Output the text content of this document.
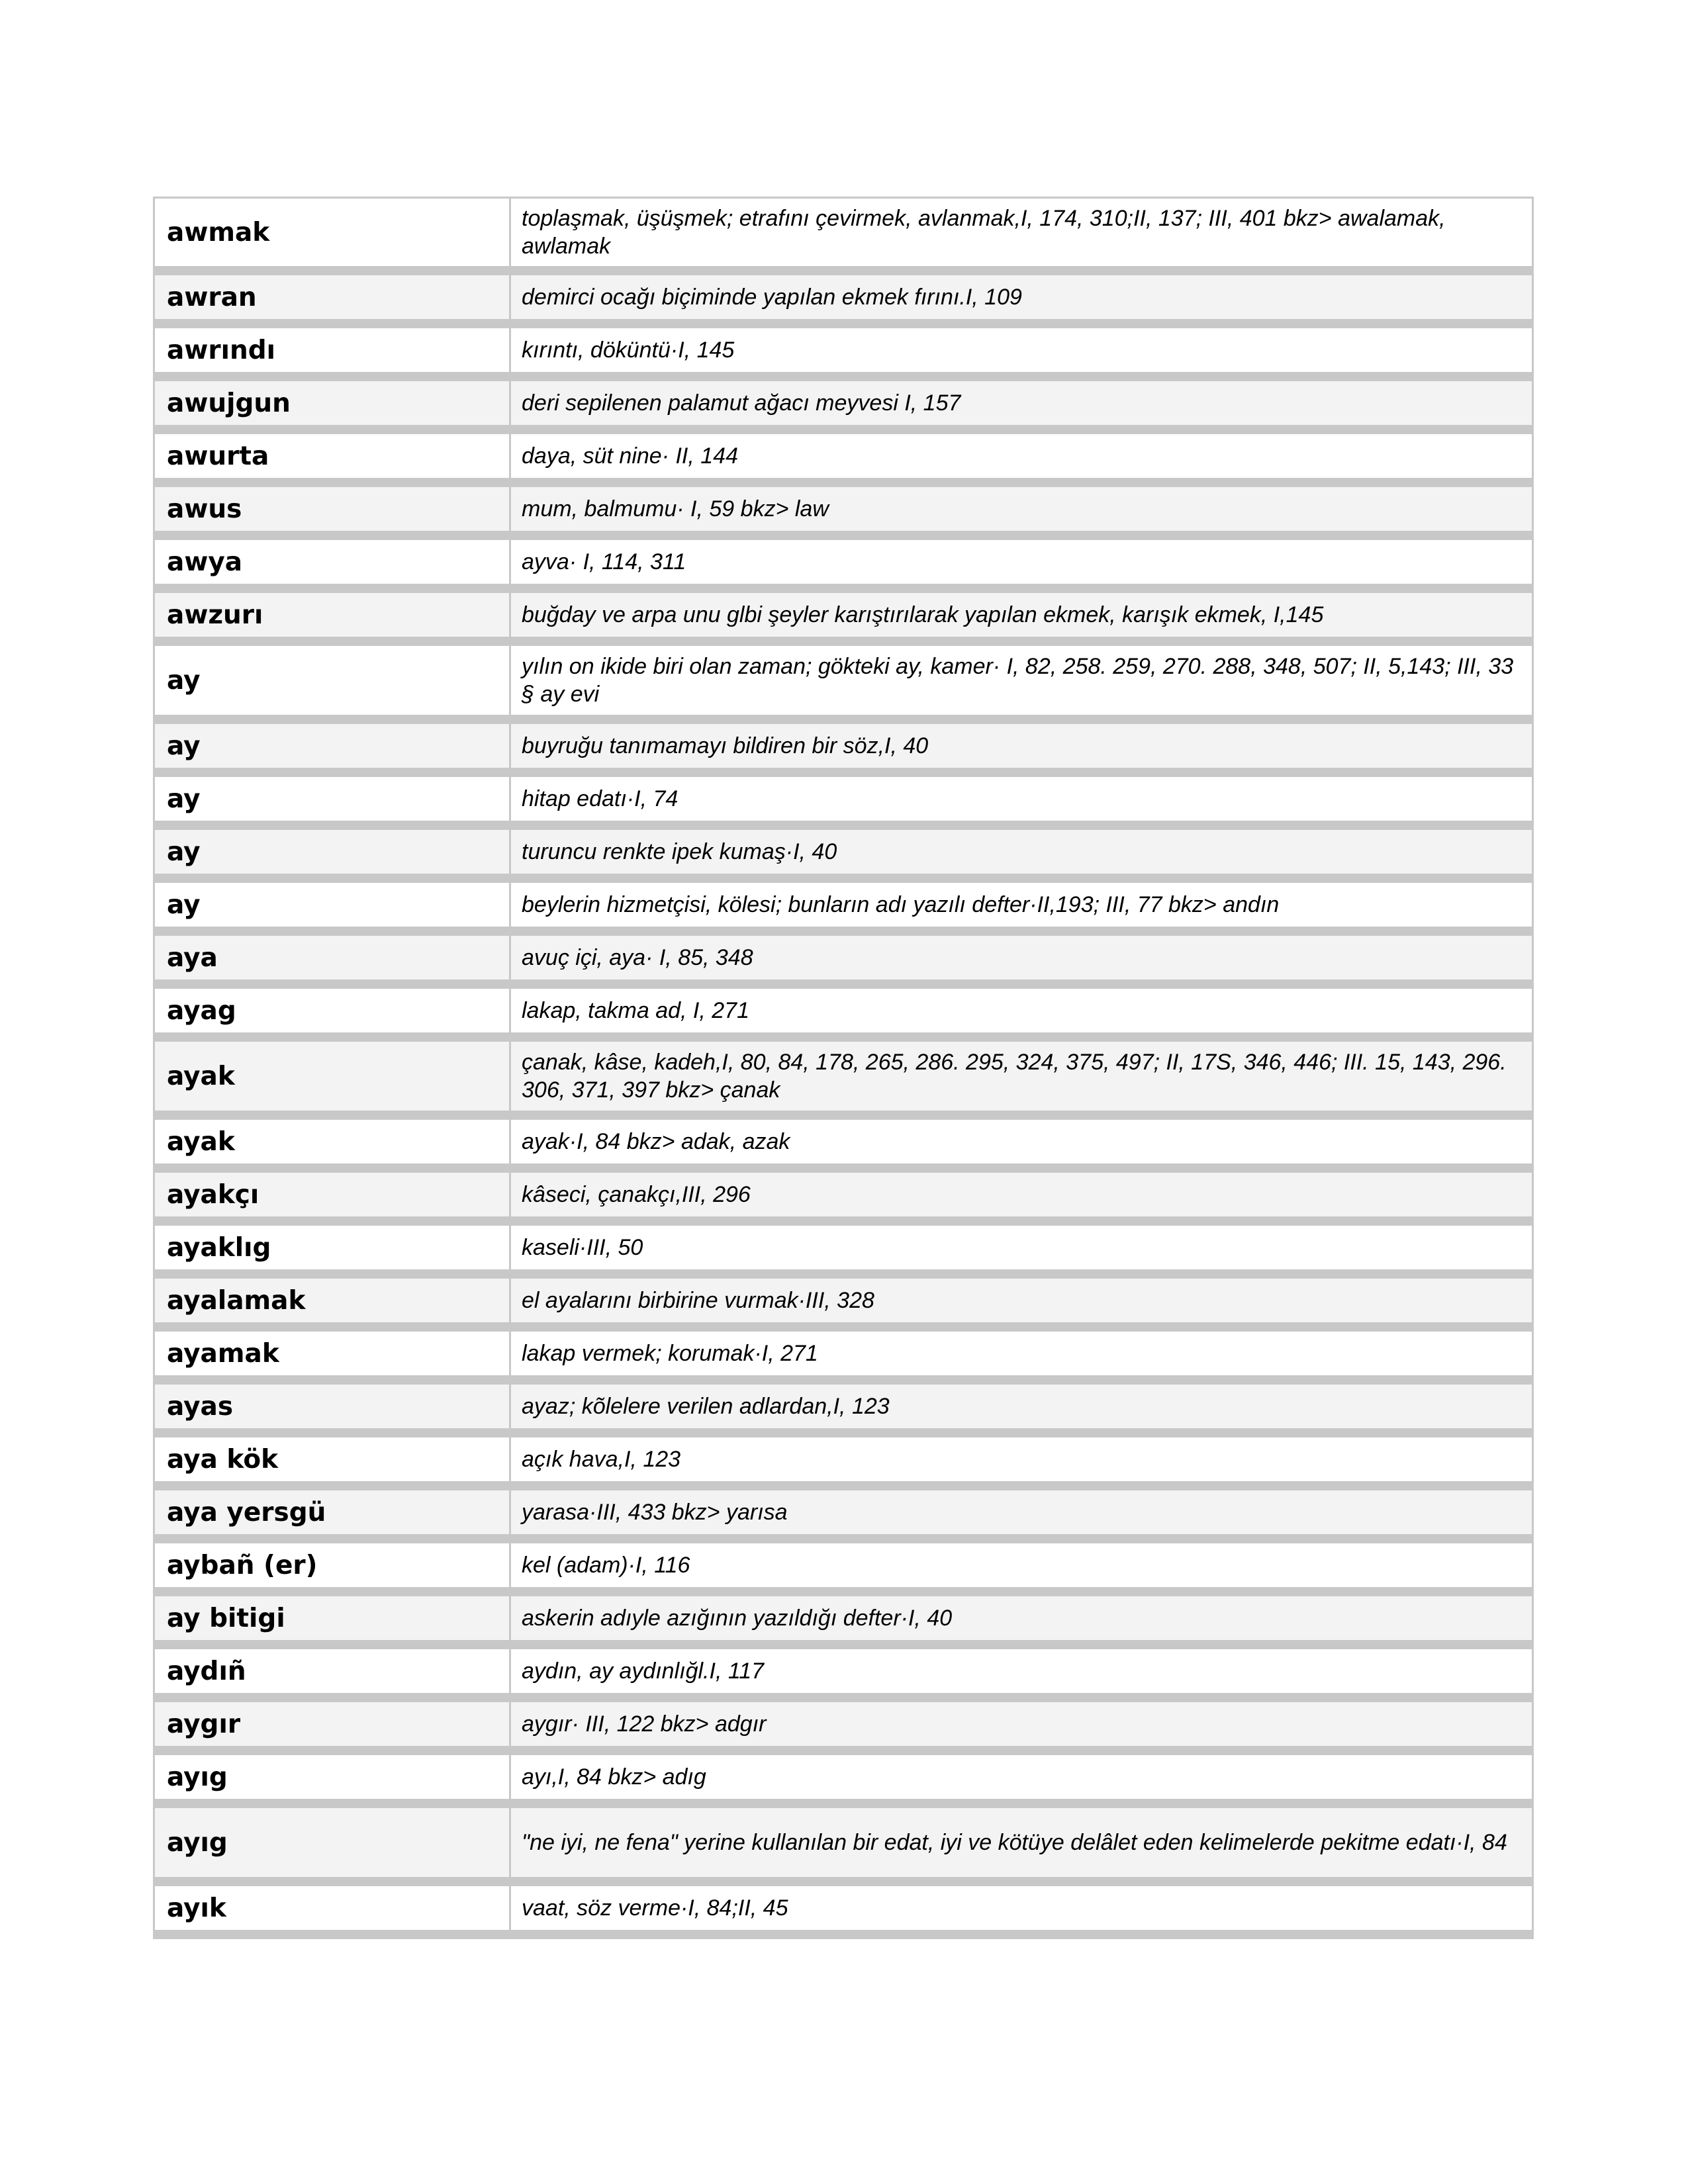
awmak	toplaşmak, üşüşmek; etrafını çevirmek, avlanmak,I, 174, 310;II, 137; III, 401 bkz> awalamak, awlamak
awran	demirci ocağı biçiminde yapılan ekmek fırını.I, 109
awrındı	kırıntı, döküntü·I, 145
awujgun	deri sepilenen palamut ağacı meyvesi I, 157
awurta	daya, süt nine· II, 144
awus	mum, balmumu· I, 59 bkz> law
awya	ayva· I, 114, 311
awzurı	buğday ve arpa unu glbi şeyler karıştırılarak yapılan ekmek, karışık ekmek, I,145
ay	yılın on ikide biri olan zaman; gökteki ay, kamer· I, 82, 258. 259, 270. 288, 348, 507; II, 5,143; III, 33 § ay evi
ay	buyruğu tanımamayı bildiren bir söz,I, 40
ay	hitap edatı·I, 74
ay	turuncu renkte ipek kumaş·I, 40
ay	beylerin hizmetçisi, kölesi; bunların adı yazılı defter·II,193; III, 77 bkz> andın
aya	avuç içi, aya· I, 85, 348
ayag	lakap, takma ad, I, 271
ayak	çanak, kâse, kadeh,I, 80, 84, 178, 265, 286. 295, 324, 375, 497; II, 17S, 346, 446; III. 15, 143, 296. 306, 371, 397 bkz> çanak
ayak	ayak·I, 84 bkz> adak, azak
ayakçı	kâseci, çanakçı,III, 296
ayaklıg	kaseli·III, 50
ayalamak	el ayalarını birbirine vurmak·III, 328
ayamak	lakap vermek; korumak·I, 271
ayas	ayaz; kõlelere verilen adlardan,I, 123
aya kök	açık hava,I, 123
aya yersgü	yarasa·III, 433 bkz> yarısa
aybañ (er)	kel (adam)·I, 116
ay bitigi	askerin adıyle azığının yazıldığı defter·I, 40
aydıñ	aydın, ay aydınlığl.I, 117
aygır	aygır· III, 122 bkz> adgır
ayıg	ayı,I, 84 bkz> adıg
ayıg	"ne iyi, ne fena" yerine kullanılan bir edat, iyi ve kötüye delâlet eden kelimelerde pekitme edatı·I, 84
ayık	vaat, söz verme·I, 84;II, 45
